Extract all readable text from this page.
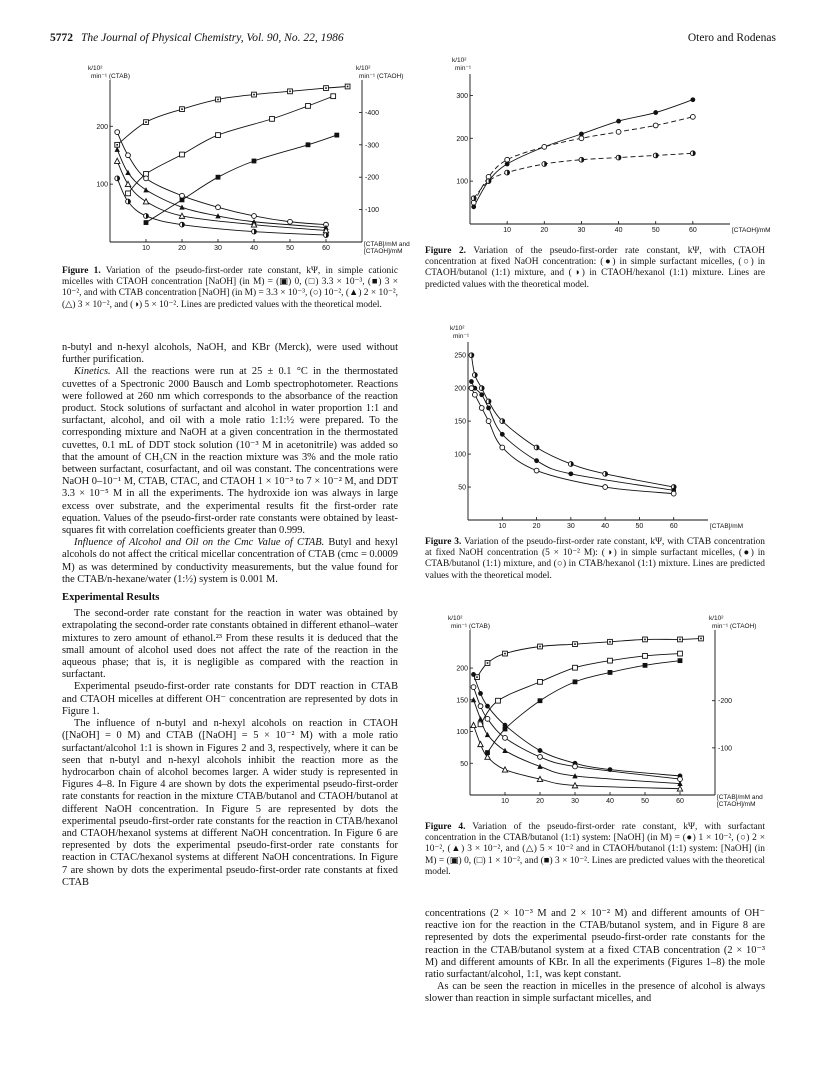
5772 The Journal of Physical Chemistry, Vol. 90, No. 22, 1986	Otero and Rodenas
10	20	30	40	50	60
100
200
-100
-200
-300
-400
k/10²
min⁻¹ (CTAB)
k/10²
min⁻¹ (CTAOH)
[CTAB]/mM and
[CTAOH]/mM
Figure 1. Variation of the pseudo-first-order rate constant, kΨ, in simple cationic micelles with CTAOH concentration [NaOH] (in M) = (▣) 0, (□) 3.3 × 10⁻³, (■) 3 × 10⁻², and with CTAB concentration [NaOH] (in M) = 3.3 × 10⁻³, (○) 10⁻², (▲) 2 × 10⁻², (△) 3 × 10⁻², and (◑) 5 × 10⁻². Lines are predicted values with the theoretical model.
10	20	30	40	50	60
100
200
300
k/10²
min⁻¹
[CTAOH]/mM
Figure 2. Variation of the pseudo-first-order rate constant, kΨ, with CTAOH concentration at fixed NaOH concentration: (●) in simple surfactant micelles, (○) in CTAOH/butanol (1:1) mixture, and (◑) in CTAOH/hexanol (1:1) mixture. Lines are predicted values with the theoretical model.
10	20	30	40	50	60
50
100
150
200
250
k/10²
min⁻¹
[CTAB]/mM
Figure 3. Variation of the pseudo-first-order rate constant, kΨ, with CTAB concentration at fixed NaOH concentration (5 × 10⁻² M): (◑) in simple surfactant micelles, (●) in CTAB/butanol (1:1) mixture, and (○) in CTAB/hexanol (1:1) mixture. Lines are predicted values with the theoretical model.
10	20	30	40	50	60
50
100
150
200
-100
-200
k/10²
min⁻¹ (CTAB)
k/10²
min⁻¹ (CTAOH)
[CTAB]/mM and
[CTAOH]/mM
Figure 4. Variation of the pseudo-first-order rate constant, kΨ, with surfactant concentration in the CTAB/butanol (1:1) system: [NaOH] (in M) = (●) 1 × 10⁻², (○) 2 × 10⁻², (▲) 3 × 10⁻², and (△) 5 × 10⁻² and in CTAOH/butanol (1:1) system: [NaOH] (in M) = (▣) 0, (□) 1 × 10⁻², and (■) 3 × 10⁻². Lines are predicted values with the theoretical model.

n-butyl and n-hexyl alcohols, NaOH, and KBr (Merck), were used without further purification.

Kinetics. All the reactions were run at 25 ± 0.1 °C in the thermostated cuvettes of a Spectronic 2000 Bausch and Lomb spectrophotometer. Reactions were followed at 260 nm which corresponds to the absorbance of the reaction product. Stock solutions of surfactant and alcohol in water proportion 1:1 and surfactant, alcohol, and oil with a mole ratio 1:1:½ were prepared. To the corresponding mixture and NaOH at a given concentration in the thermostated cuvettes, 0.1 mL of DDT stock solution (10⁻³ M in acetonitrile) was added so that the amount of CH₃CN in the reaction mixture was 3% and the mole ratio between surfactant, cosurfactant, and oil was constant. The concentrations were NaOH 0–10⁻¹ M, CTAB, CTAC, and CTAOH 1 × 10⁻³ to 7 × 10⁻² M, and DDT 3.3 × 10⁻⁵ M in all the experiments. The hydroxide ion was always in large excess over substrate, and the experimental results fit the first-order rate equation. Values of the pseudo-first-order rate constants were obtained by least-squares fit with correlation coefficients greater than 0.999.

Influence of Alcohol and Oil on the Cmc Value of CTAB. Butyl and hexyl alcohols do not affect the critical micellar concentration of CTAB (cmc = 0.0009 M) as was determined by conductivity measurements, but the value found for the CTAB/n-hexane/water (1:½) system is 0.001 M.

Experimental Results

The second-order rate constant for the reaction in water was obtained by extrapolating the second-order rate constants obtained in different ethanol–water mixtures to zero amount of ethanol.²³ From these results it is deduced that the small amount of alcohol used does not affect the rate of the reaction in the aqueous phase; that is, it is negligible as compared with the reaction in surfactant.

Experimental pseudo-first-order rate constants for DDT reaction in CTAB and CTAOH micelles at different OH⁻ concentration are represented by dots in Figure 1.

The influence of n-butyl and n-hexyl alcohols on reaction in CTAOH ([NaOH] = 0 M) and CTAB ([NaOH] = 5 × 10⁻² M) with a mole ratio surfactant/alcohol 1:1 is shown in Figures 2 and 3, respectively, where it can be seen that n-butyl and n-hexyl alcohols inhibit the reaction more as the hydrocarbon chain of alcohol becomes larger. A wider study is represented in Figures 4–8. In Figure 4 are shown by dots the experimental pseudo-first-order rate constants for reaction in the mixture CTAB/butanol and CTAOH/butanol at different NaOH concentration. In Figure 5 are represented by dots the experimental pseudo-first-order rate constants for the reaction in CTAB/hexanol and CTAOH/hexanol systems at different NaOH concentration. In Figure 6 are represented by dots the experimental pseudo-first-order rate constants for reaction in CTAC/hexanol systems at different NaOH concentrations. In Figure 7 are shown by dots the experimental pseudo-first-order rate constants at fixed CTAB

concentrations (2 × 10⁻³ M and 2 × 10⁻² M) and different amounts of OH⁻ reactive ion for the reaction in the CTAB/butanol system, and in Figure 8 are represented by dots the experimental pseudo-first-order rate constants for the reaction in the CTAB/butanol system at a fixed CTAB concentration (2 × 10⁻³ M) and different amounts of KBr. In all the experiments (Figures 1–8) the mole ratio surfactant/alcohol, 1:1, was kept constant.

As can be seen the reaction in micelles in the presence of alcohol is always slower than reaction in simple surfactant micelles, and
